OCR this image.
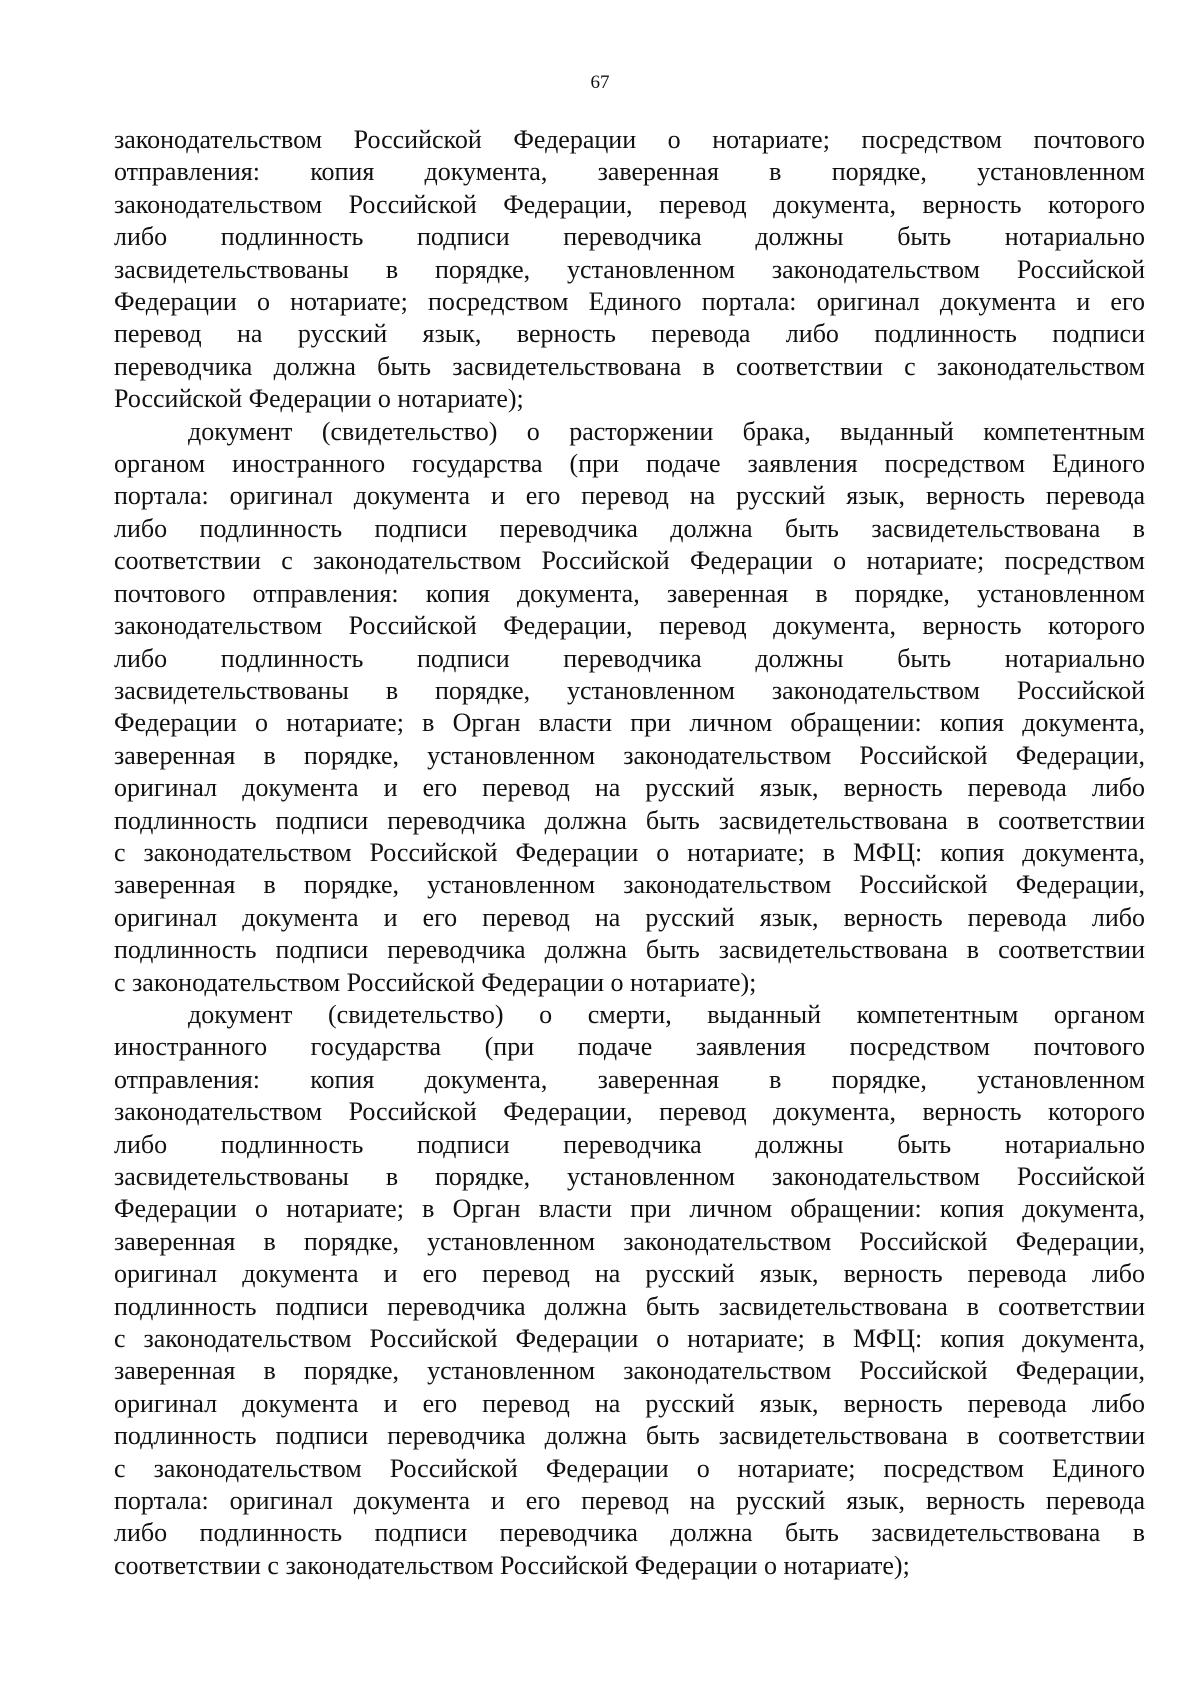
67
законодательством Российской Федерации о нотариате; посредством почтового
отправления: копия документа, заверенная в порядке, установленном
законодательством Российской Федерации, перевод документа, верность которого
либо подлинность подписи переводчика должны быть нотариально
засвидетельствованы в порядке, установленном законодательством Российской
Федерации о нотариате; посредством Единого портала: оригинал документа и его
перевод на русский язык, верность перевода либо подлинность подписи
переводчика должна быть засвидетельствована в соответствии с законодательством
Российской Федерации о нотариате);
документ (свидетельство) о расторжении брака, выданный компетентным
органом иностранного государства (при подаче заявления посредством Единого
портала: оригинал документа и его перевод на русский язык, верность перевода
либо подлинность подписи переводчика должна быть засвидетельствована в
соответствии с законодательством Российской Федерации о нотариате; посредством
почтового отправления: копия документа, заверенная в порядке, установленном
законодательством Российской Федерации, перевод документа, верность которого
либо подлинность подписи переводчика должны быть нотариально
засвидетельствованы в порядке, установленном законодательством Российской
Федерации о нотариате; в Орган власти при личном обращении: копия документа,
заверенная в порядке, установленном законодательством Российской Федерации,
оригинал документа и его перевод на русский язык, верность перевода либо
подлинность подписи переводчика должна быть засвидетельствована в соответствии
с законодательством Российской Федерации о нотариате; в МФЦ: копия документа,
заверенная в порядке, установленном законодательством Российской Федерации,
оригинал документа и его перевод на русский язык, верность перевода либо
подлинность подписи переводчика должна быть засвидетельствована в соответствии
с законодательством Российской Федерации о нотариате);
документ (свидетельство) о смерти, выданный компетентным органом
иностранного государства (при подаче заявления посредством почтового
отправления: копия документа, заверенная в порядке, установленном
законодательством Российской Федерации, перевод документа, верность которого
либо подлинность подписи переводчика должны быть нотариально
засвидетельствованы в порядке, установленном законодательством Российской
Федерации о нотариате; в Орган власти при личном обращении: копия документа,
заверенная в порядке, установленном законодательством Российской Федерации,
оригинал документа и его перевод на русский язык, верность перевода либо
подлинность подписи переводчика должна быть засвидетельствована в соответствии
с законодательством Российской Федерации о нотариате; в МФЦ: копия документа,
заверенная в порядке, установленном законодательством Российской Федерации,
оригинал документа и его перевод на русский язык, верность перевода либо
подлинность подписи переводчика должна быть засвидетельствована в соответствии
с законодательством Российской Федерации о нотариате; посредством Единого
портала: оригинал документа и его перевод на русский язык, верность перевода
либо подлинность подписи переводчика должна быть засвидетельствована в
соответствии с законодательством Российской Федерации о нотариате);
